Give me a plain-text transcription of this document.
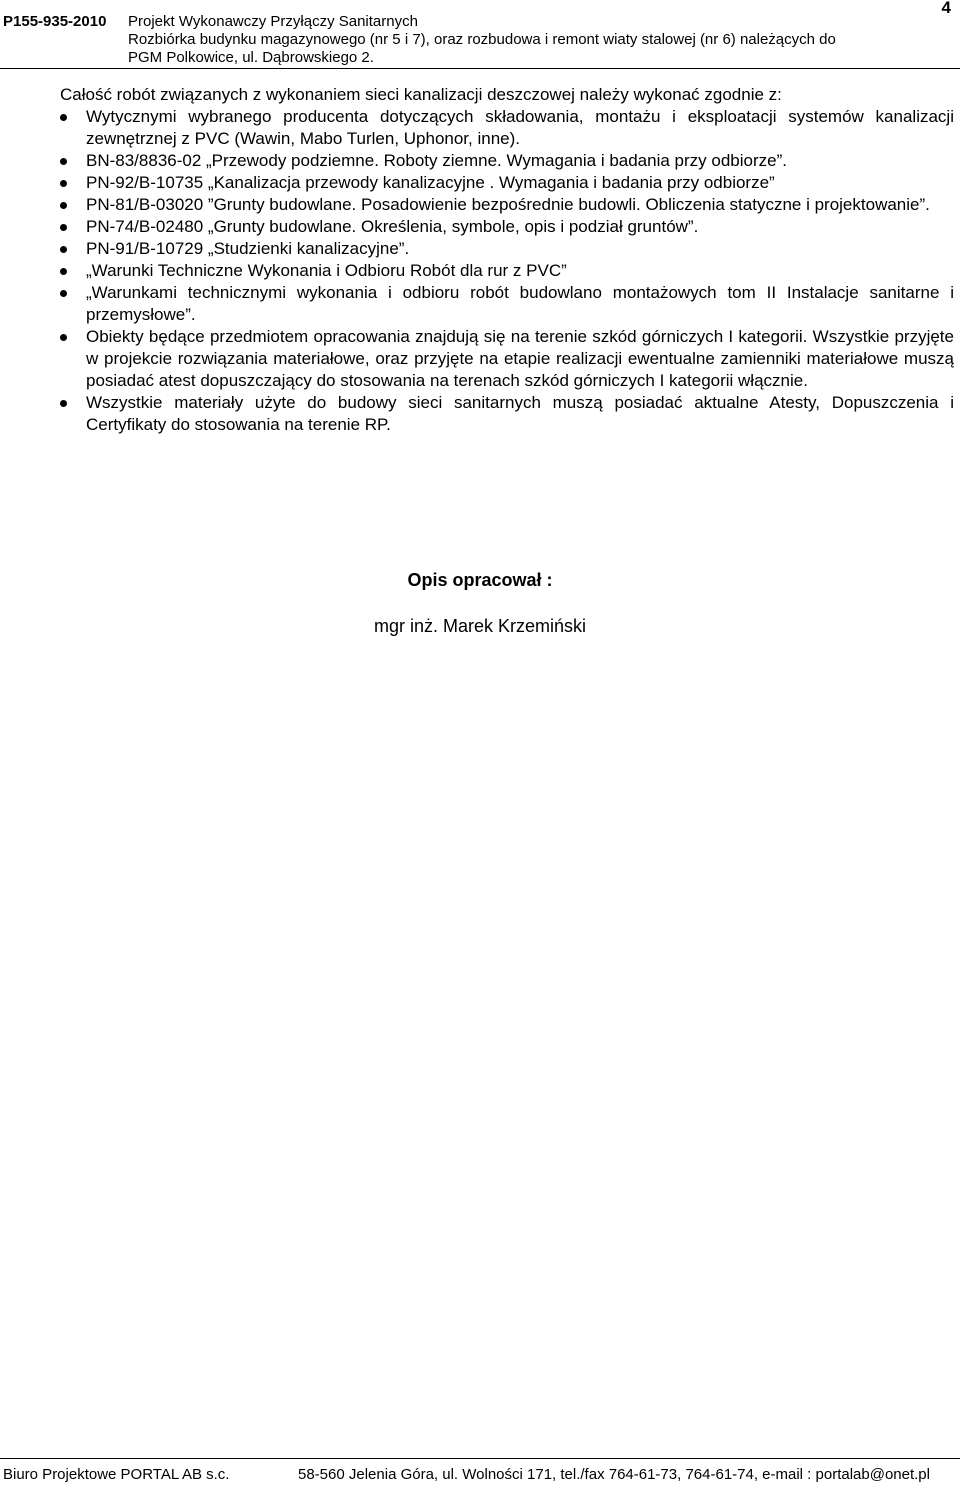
P155-935-2010 Projekt Wykonawczy Przyłączy Sanitarnych
Rozbiórka budynku magazynowego (nr 5 i 7), oraz rozbudowa i remont wiaty stalowej (nr 6) należących do
PGM Polkowice, ul. Dąbrowskiego 2.
4

Całość robót związanych z wykonaniem sieci kanalizacji deszczowej należy wykonać zgodnie z:

Wytycznymi wybranego producenta dotyczących składowania, montażu i eksploatacji systemów kanalizacji zewnętrznej z PVC (Wawin, Mabo Turlen, Uphonor, inne).
BN-83/8836-02 „Przewody podziemne. Roboty ziemne. Wymagania i badania przy odbiorze”.
PN-92/B-10735 „Kanalizacja przewody kanalizacyjne . Wymagania i badania przy odbiorze”
PN-81/B-03020 ”Grunty budowlane. Posadowienie bezpośrednie budowli. Obliczenia statyczne i projektowanie”.
PN-74/B-02480 „Grunty budowlane. Określenia, symbole, opis i podział gruntów”.
PN-91/B-10729 „Studzienki kanalizacyjne”.
„Warunki Techniczne Wykonania i Odbioru Robót dla rur z PVC”
„Warunkami technicznymi wykonania i odbioru robót budowlano montażowych tom II Instalacje sanitarne i przemysłowe”.
Obiekty będące przedmiotem opracowania znajdują się na terenie szkód górniczych I kategorii. Wszystkie przyjęte w projekcie rozwiązania materiałowe, oraz przyjęte na etapie realizacji ewentualne zamienniki materiałowe muszą posiadać atest dopuszczający do stosowania na terenach szkód górniczych I kategorii włącznie.
Wszystkie materiały użyte do budowy sieci sanitarnych muszą posiadać aktualne Atesty, Dopuszczenia i Certyfikaty do stosowania na terenie RP.
Opis opracował :
mgr inż. Marek Krzemiński
Biuro Projektowe PORTAL AB s.c.	58-560 Jelenia Góra, ul. Wolności 171, tel./fax 764-61-73, 764-61-74, e-mail : portalab@onet.pl
